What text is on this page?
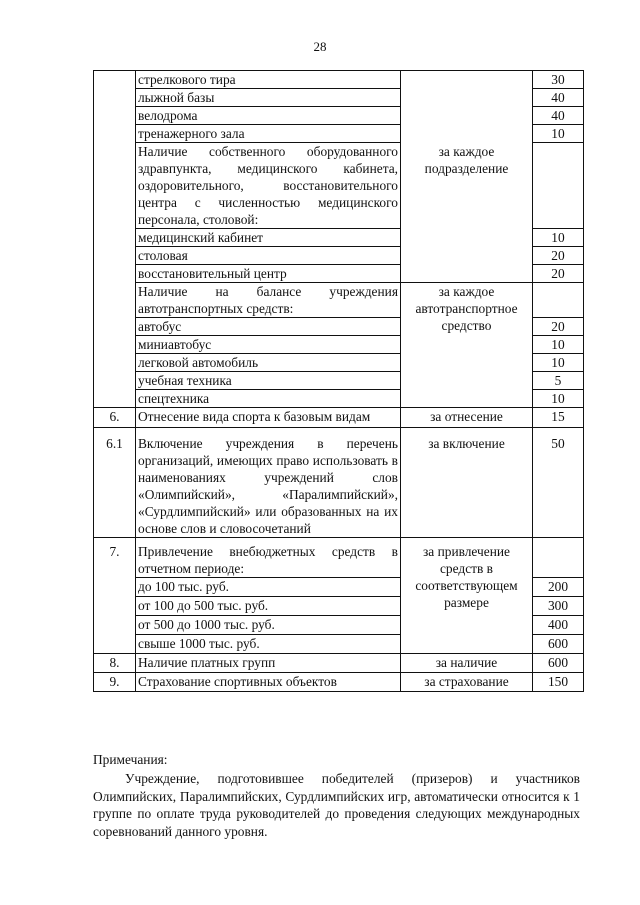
28
	стрелкового тира		30
	лыжной базы		40
	велодрома		40
	тренажерного зала		10
	Наличие собственного оборудованного здравпункта, медицинского кабинета, оздоровительного, восстановительного центра с численностью медицинского персонала, столовой:	за каждое подразделение	
	медицинский кабинет		10
	столовая		20
	восстановительный центр		20
	Наличие на балансе учреждения автотранспортных средств:	за каждое автотранспортное средство	
	автобус		20
	миниавтобус		10
	легковой автомобиль		10
	учебная техника		5
	спецтехника		10
6.	Отнесение вида спорта к базовым видам	за отнесение	15
6.1	Включение учреждения в перечень организаций, имеющих право использовать в наименованиях учреждений слов «Олимпийский», «Паралимпийский», «Сурдлимпийский» или образованных на их основе слов и словосочетаний	за включение	50
7.	Привлечение внебюджетных средств в отчетном периоде:	за привлечение средств в соответствующем размере	
	до 100 тыс. руб.		200
	от 100 до 500 тыс. руб.		300
	от 500 до 1000 тыс. руб.		400
	свыше 1000 тыс. руб.		600
8.	Наличие платных групп	за наличие	600
9.	Страхование спортивных объектов	за страхование	150

Примечания:

Учреждение, подготовившее победителей (призеров) и участников Олимпийских, Паралимпийских, Сурдлимпийских игр, автоматически относится к 1 группе по оплате труда руководителей до проведения следующих международных соревнований данного уровня.
